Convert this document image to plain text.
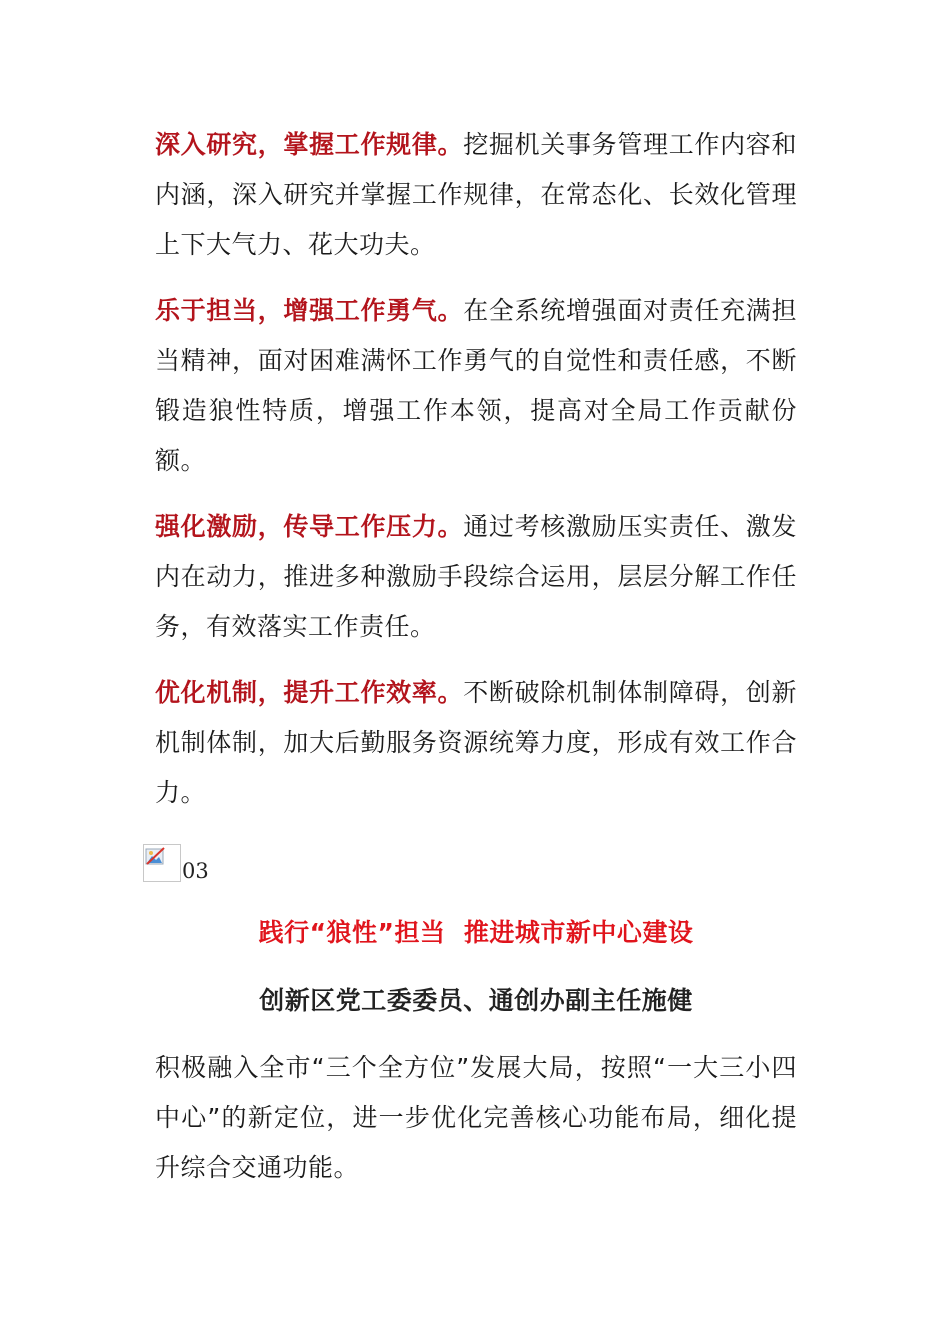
深入研究，掌握工作规律。挖掘机关事务管理工作内容和内涵，深入研究并掌握工作规律，在常态化、长效化管理上下大气力、花大功夫。

乐于担当，增强工作勇气。在全系统增强面对责任充满担当精神，面对困难满怀工作勇气的自觉性和责任感，不断锻造狼性特质，增强工作本领，提高对全局工作贡献份额。

强化激励，传导工作压力。通过考核激励压实责任、激发内在动力，推进多种激励手段综合运用，层层分解工作任务，有效落实工作责任。

优化机制，提升工作效率。不断破除机制体制障碍，创新机制体制，加大后勤服务资源统筹力度，形成有效工作合力。

03
践行“狼性”担当  推进城市新中心建设
创新区党工委委员、通创办副主任施健

积极融入全市“三个全方位”发展大局，按照“一大三小四中心”的新定位，进一步优化完善核心功能布局，细化提升综合交通功能。
